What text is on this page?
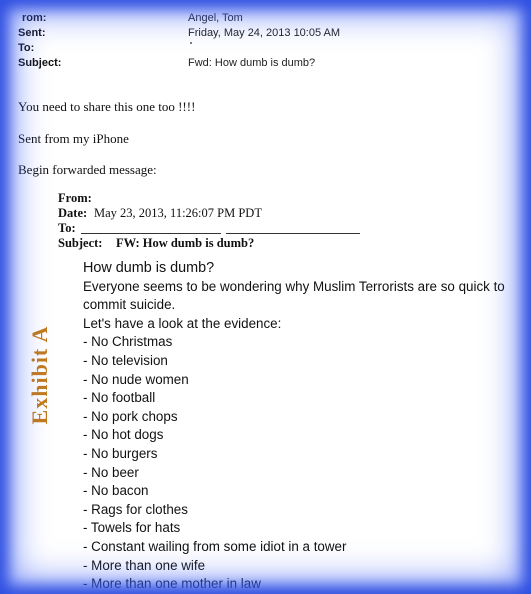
rom:	Angel, Tom
Sent:	Friday, May 24, 2013 10:05 AM
To:
Subject:	Fwd: How dumb is dumb?
You need to share this one too !!!!
Sent from my iPhone
Begin forwarded message:
From:
Date: May 23, 2013, 11:26:07 PM PDT
To:
Subject: FW: How dumb is dumb?
How dumb is dumb?
Everyone seems to be wondering why Muslim Terrorists are so quick to commit suicide.
Let's have a look at the evidence:
- No Christmas
- No television
- No nude women
- No football
- No pork chops
- No hot dogs
- No burgers
- No beer
- No bacon
- Rags for clothes
- Towels for hats
- Constant wailing from some idiot in a tower
- More than one wife
- More than one mother in law
Exhibit A
